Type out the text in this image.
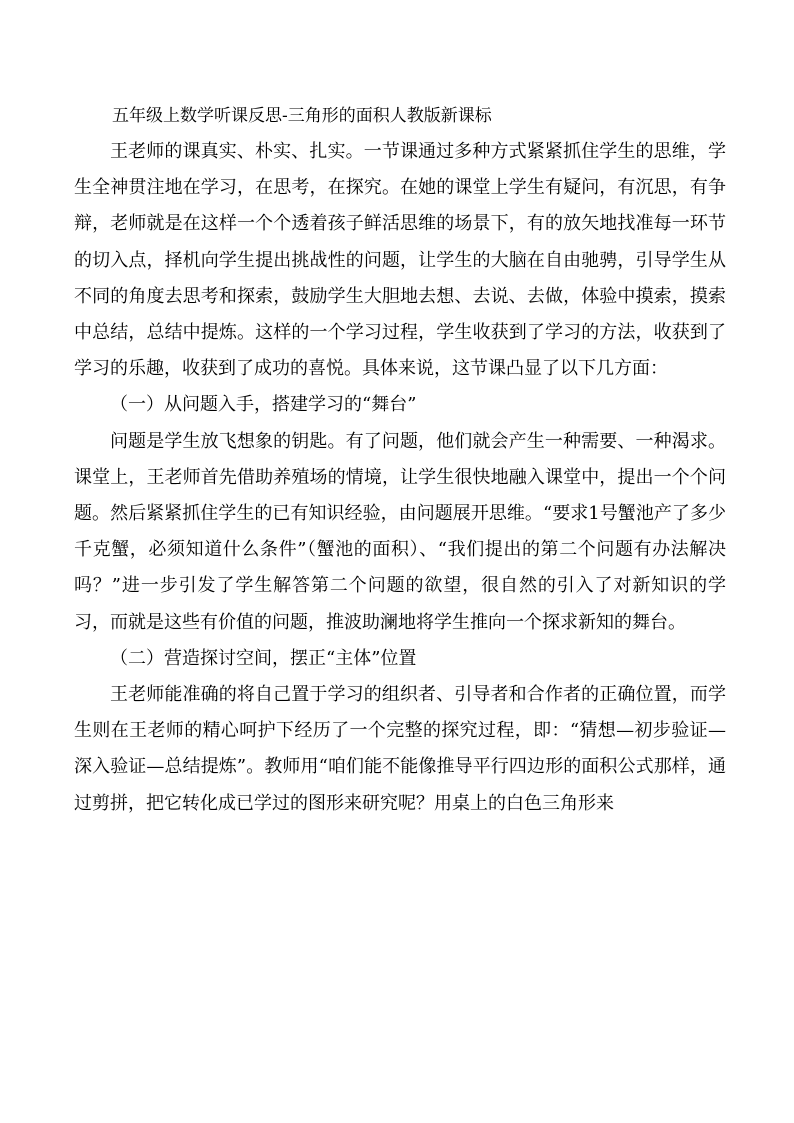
五年级上数学听课反思-三角形的面积人教版新课标

王老师的课真实、朴实、扎实。一节课通过多种方式紧紧抓住学生的思维，学生全神贯注地在学习，在思考，在探究。在她的课堂上学生有疑问，有沉思，有争辩，老师就是在这样一个个透着孩子鲜活思维的场景下，有的放矢地找准每一环节的切入点，择机向学生提出挑战性的问题，让学生的大脑在自由驰骋，引导学生从不同的角度去思考和探索，鼓励学生大胆地去想、去说、去做，体验中摸索，摸索中总结，总结中提炼。这样的一个学习过程，学生收获到了学习的方法，收获到了学习的乐趣，收获到了成功的喜悦。具体来说，这节课凸显了以下几方面：

（一）从问题入手，搭建学习的“舞台”

问题是学生放飞想象的钥匙。有了问题，他们就会产生一种需要、一种渴求。课堂上，王老师首先借助养殖场的情境，让学生很快地融入课堂中，提出一个个问题。然后紧紧抓住学生的已有知识经验，由问题展开思维。“要求1号蟹池产了多少千克蟹，必须知道什么条件”（蟹池的面积）、“我们提出的第二个问题有办法解决吗？”进一步引发了学生解答第二个问题的欲望，很自然的引入了对新知识的学习，而就是这些有价值的问题，推波助澜地将学生推向一个探求新知的舞台。

（二）营造探讨空间，摆正“主体”位置

王老师能准确的将自己置于学习的组织者、引导者和合作者的正确位置，而学生则在王老师的精心呵护下经历了一个完整的探究过程，即：“猜想—初步验证—深入验证—总结提炼”。教师用“咱们能不能像推导平行四边形的面积公式那样，通过剪拼，把它转化成已学过的图形来研究呢？用桌上的白色三角形来
